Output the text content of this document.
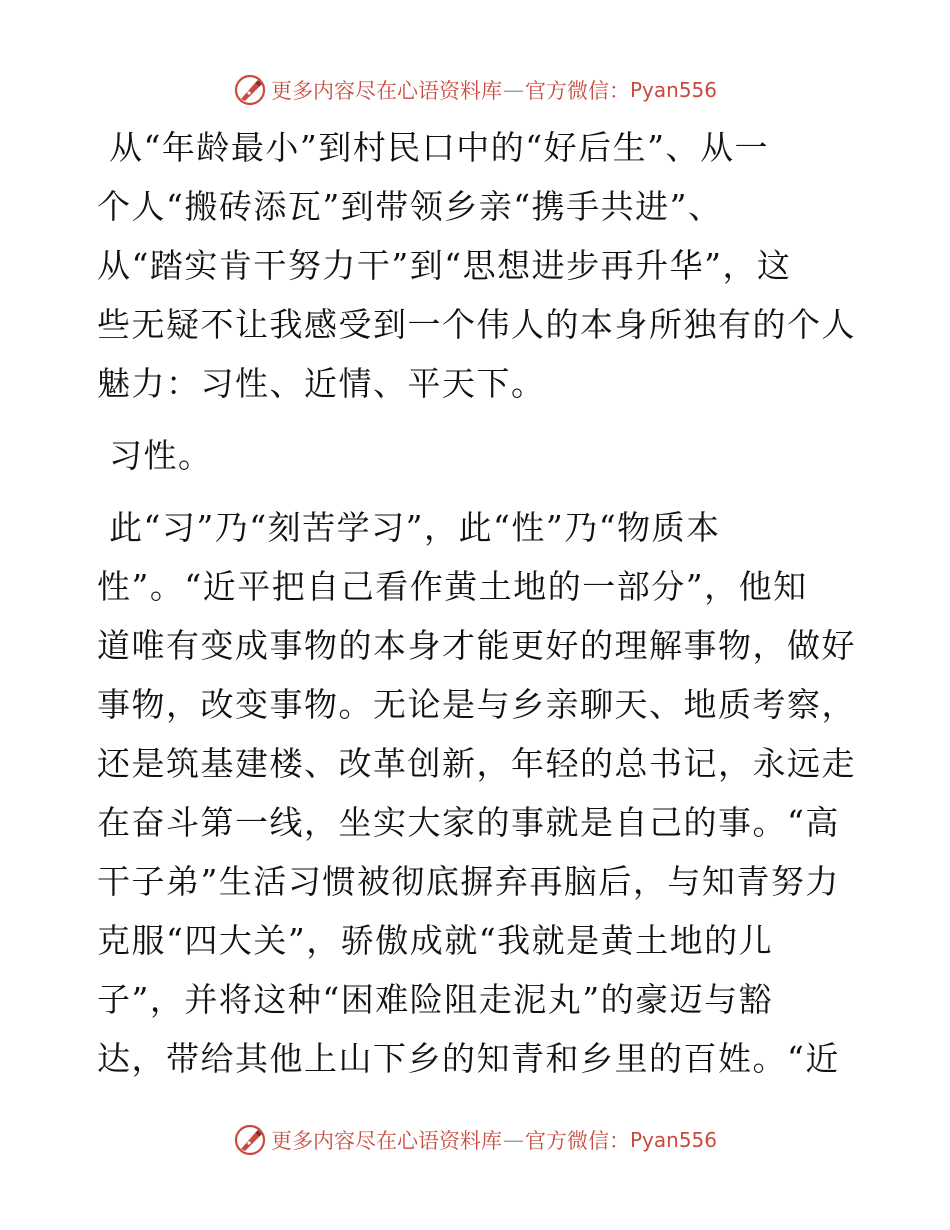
更多内容尽在心语资料库 — 官方微信： Pyan556

从“年龄最小”到村民口中的“好后生”、从一
个人“搬砖添瓦”到带领乡亲“携手共进”、
从“踏实肯干努力干”到“思想进步再升华”，这
些无疑不让我感受到一个伟人的本身所独有的个人
魅力：习性、近情、平天下。

习性。

此“习”乃“刻苦学习”，此“性”乃“物质本
性”。“近平把自己看作黄土地的一部分”，他知
道唯有变成事物的本身才能更好的理解事物，做好
事物，改变事物。无论是与乡亲聊天、地质考察，
还是筑基建楼、改革创新，年轻的总书记，永远走
在奋斗第一线，坐实大家的事就是自己的事。“高
干子弟”生活习惯被彻底摒弃再脑后，与知青努力
克服“四大关”，骄傲成就“我就是黄土地的儿
子”，并将这种“困难险阻走泥丸”的豪迈与豁
达，带给其他上山下乡的知青和乡里的百姓。“近

更多内容尽在心语资料库 — 官方微信： Pyan556
